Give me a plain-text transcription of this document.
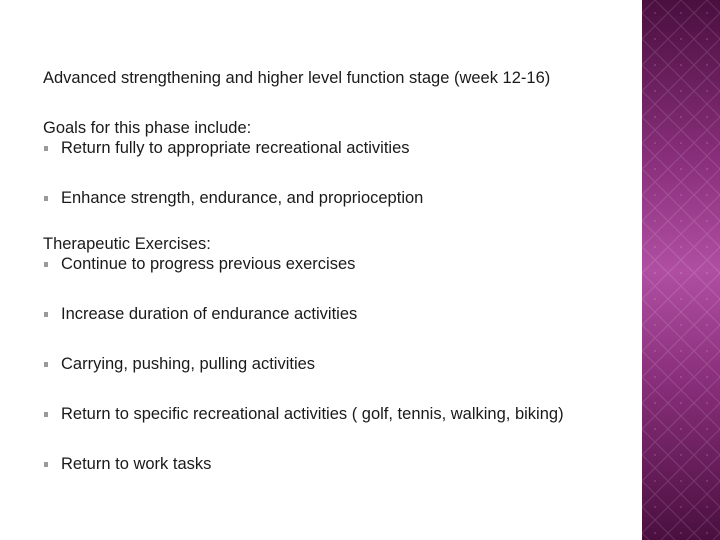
Advanced strengthening and higher level function stage (week 12-16)

Goals for this phase include:

Return fully to appropriate recreational activities
Enhance strength, endurance, and proprioception

Therapeutic Exercises:

Continue to progress previous exercises
Increase duration of endurance activities
Carrying, pushing, pulling activities
Return to specific recreational activities ( golf, tennis, walking, biking)
Return to work tasks
